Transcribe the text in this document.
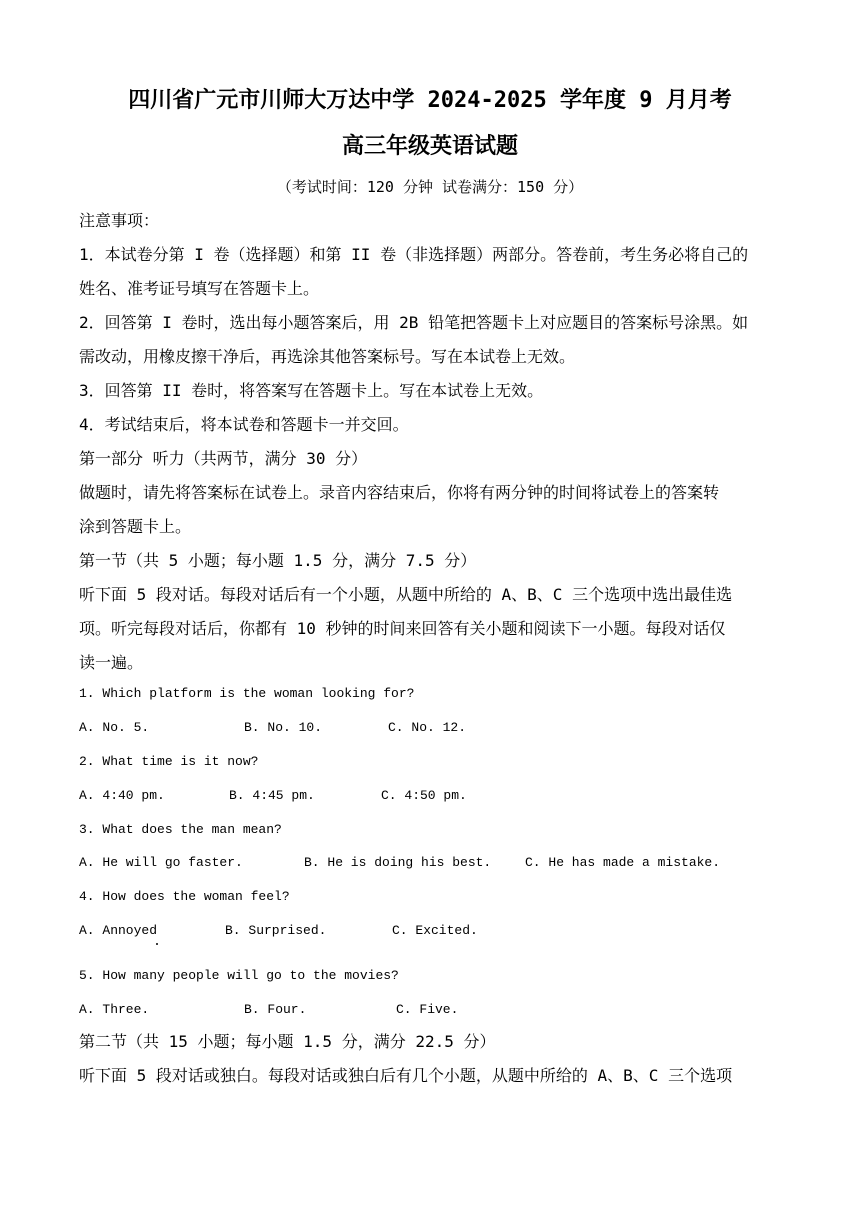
四川省广元市川师大万达中学 2024-2025 学年度 9 月月考
高三年级英语试题
（考试时间：120 分钟 试卷满分：150 分）
注意事项：
1．本试卷分第 I 卷（选择题）和第 II 卷（非选择题）两部分。答卷前，考生务必将自己的
姓名、准考证号填写在答题卡上。
2．回答第 I 卷时，选出每小题答案后，用 2B 铅笔把答题卡上对应题目的答案标号涂黑。如
需改动，用橡皮擦干净后，再选涂其他答案标号。写在本试卷上无效。
3．回答第 II 卷时，将答案写在答题卡上。写在本试卷上无效。
4．考试结束后，将本试卷和答题卡一并交回。
第一部分 听力（共两节，满分 30 分）
做题时，请先将答案标在试卷上。录音内容结束后，你将有两分钟的时间将试卷上的答案转
涂到答题卡上。
第一节（共 5 小题；每小题 1.5 分，满分 7.5 分）
听下面 5 段对话。每段对话后有一个小题，从题中所给的 A、B、C 三个选项中选出最佳选
项。听完每段对话后，你都有 10 秒钟的时间来回答有关小题和阅读下一小题。每段对话仅
读一遍。
1. Which platform is the woman looking for?
A. No. 5.	B. No. 10.	C. No. 12.
2. What time is it now?
A. 4:40 pm.	B. 4:45 pm.	C. 4:50 pm.
3. What does the man mean?
A. He will go faster.	B. He is doing his best.	C. He has made a mistake.
4. How does the woman feel?
A. Annoyed	B. Surprised.	C. Excited.
5. How many people will go to the movies?
A. Three.	B. Four.	C. Five.
第二节（共 15 小题；每小题 1.5 分，满分 22.5 分）
听下面 5 段对话或独白。每段对话或独白后有几个小题，从题中所给的 A、B、C 三个选项
